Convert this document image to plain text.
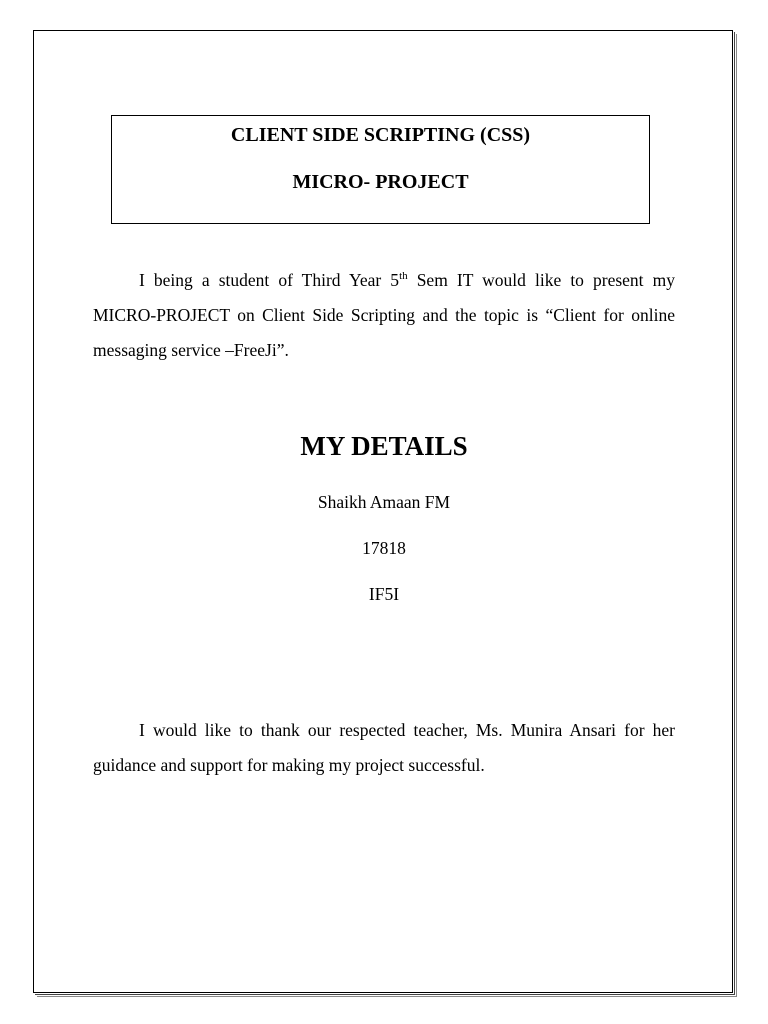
CLIENT SIDE SCRIPTING (CSS)
MICRO- PROJECT
I being a student of Third Year 5th Sem IT would like to present my MICRO-PROJECT on Client Side Scripting and the topic is “Client for online messaging service –FreeJi”.
MY DETAILS
Shaikh Amaan FM
17818
IF5I
I would like to thank our respected teacher, Ms. Munira Ansari for her guidance and support for making my project successful.
